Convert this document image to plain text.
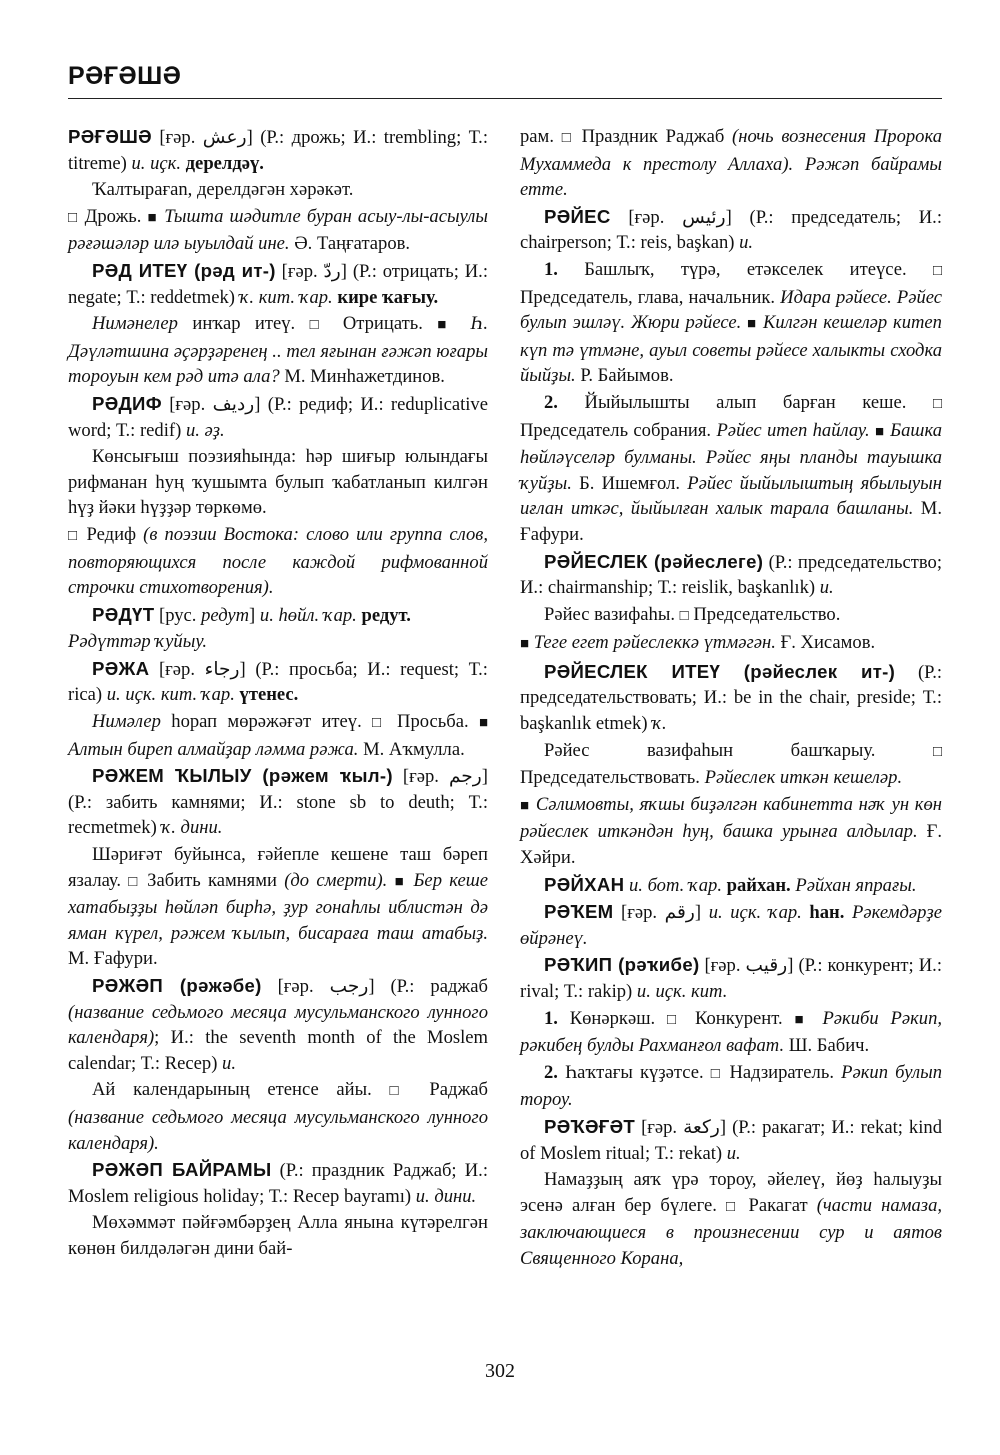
РӘҒӘШӘ

РӘҒӘШӘ [ғәр. رعش] (Р.: дрожь; И.: trembling; Т.: titreme) и. иҫк. дерелдәү.

Ҡалтырағаn, дерелдәгән хәрәкәт.

□ Дрожь. ■ Тышта шәдитле буран асыу-лы-асыулы рәғәшәләр илә ыуылдай ине. Ә. Таңғатаров.

РӘД ИТЕҮ (рәд ит-) [ғәр. ردّ] (Р.: отрицать; И.: negate; Т.: reddetmek) ҡ. кит. ҡар. кире ҡағыу.

Нимәнелер инҡар итеү. □ Отрицать. ■ Һ. Дәүләтшина әҫәрҙәренең .. тел яғынан ғәжәп юғары тороуын кем рәд итә ала? М. Минһажетдинов.

РӘДИФ [ғәр. رديف] (Р.: редиф; И.: reduplicative word; Т.: redif) и. әҙ.

Көнсығыш поэзияһында: һәр шиғыр юлындағы рифманан һуң ҡушымта булып ҡабатланып килгән һүҙ йәки һүҙҙәр төркөмө.

□ Редиф (в поэзии Востока: слово или группа слов, повторяющихся после каждой рифмованной строчки стихотворения).

РӘДҮТ [рус. редут] и. һөйл. ҡар. редут.

Рәдүттәр ҡуйыу.

РӘЖА [ғәр. رجاء] (Р.: просьба; И.: request; Т.: rica) и. иҫк. кит. ҡар. үтенес.

Нимәлер һорап мөрәжәғәт итеү. □ Просьба. ■ Алтын биреп алмайҙар ләмма рәжа. М. Аҡмулла.

РӘЖЕМ ҠЫЛЫУ (рәжем ҡыл-) [ғәр. رجم] (Р.: забить камнями; И.: stone sb to deuth; Т.: recmetmek) ҡ. дини.

Шәриғәт буйынса, ғәйепле кешене таш бәреп язалау. □ Забить камнями (до смерти). ■ Бер кеше хатабыҙҙы һөйләп бирһә, ҙур гонаһлы иблистән дә яман күрел, рәжем ҡылып, бисараға таш атабыҙ. М. Ғафури.

РӘЖӘП (рәжәбе) [ғәр. رجب] (Р.: раджаб (название седьмого месяца мусульманского лунного календаря); И.: the seventh month of the Moslem calendar; Т.: Recep) и.

Ай календарының етенсе айы. □ Раджаб (название седьмого месяца мусульманского лунного календаря).

РӘЖӘП БАЙРАМЫ (Р.: праздник Раджаб; И.: Moslem religious holiday; Т.: Recep bayramı) и. дини.

Мөхәммәт пәйғәмбәрҙең Алла янына күтәрелгән көнөн билдәләгән дини бай-

рам. □ Праздник Раджаб (ночь вознесения Пророка Мухаммеда к престолу Аллаха). Рәжәп байрамы етте.

РӘЙЕС [ғәр. رئيس] (Р.: председатель; И.: chairperson; Т.: reis, başkan) и.

1. Башлыҡ, түрә, етәкселек итеүсе. □ Председатель, глава, начальник. Идара рәйесе. Рәйес булып эшләү. Жюри рәйесе. ■ Килгән кешеләр китеп күп тә үтмәне, ауыл советы рәйесе халыкты сходка йыйҙы. Р. Байымов.

2. Йыйылышты алып барған кеше. □ Председатель собрания. Рәйес итеп һайлау. ■ Башка һөйләүселәр булманы. Рәйес яңы планды тауышка ҡуйҙы. Б. Ишемғол. Рәйес йыйылыштың ябылыуын иғлан иткәс, йыйылған халык тарала башланы. М. Ғафури.

РӘЙЕСЛЕК (рәйеслеге) (Р.: председательство; И.: chairmanship; Т.: reislik, başkanlık) и.

Рәйес вазифаһы. □ Председательство.

■ Теге егет рәйеслеккә үтмәгән. Ғ. Хисамов.

РӘЙЕСЛЕК ИТЕҮ (рәйеслек ит-) (Р.: председательствовать; И.: be in the chair, preside; Т.: başkanlık etmek) ҡ.

Рәйес вазифаһын башҡарыу. □ Председательствовать. Рәйеслек иткән кешеләр.

■ Сәлимовты, яҡшы биҙәлгән кабинетта нәҡ ун көн рәйеслек иткәндән һуң, башка урынға алдылар. Ғ. Хәйри.

РӘЙХАН и. бот. ҡар. райхан. Рәйхан япрағы.

РӘҠЕМ [ғәр. رقم] и. иҫк. ҡар. һан. Рәкемдәрҙе өйрәнеү.

РӘҠИП (рәҡибе) [ғәр. رقيب] (Р.: конкурент; И.: rival; Т.: rakip) и. иҫк. кит.

1. Көнәркәш. □ Конкурент. ■ Рәкиби Рәкип, рәкибең булды Рахманғол вафат. Ш. Бабич.

2. Һаҡтағы күҙәтсе. □ Надзиратель. Рәкип булып тороу.

РӘҠӘҒӘТ [ғәр. ركعة] (Р.: ракагат; И.: rekat; kind of Moslem ritual; Т.: rekat) и.

Намаҙҙың аяҡ үрә тороу, әйелеү, йөҙ һалыуҙы эсенә алған бер бүлеге. □ Ракагат (части намаза, заключающиеся в произнесении сур и аятов Священного Корана,

302
